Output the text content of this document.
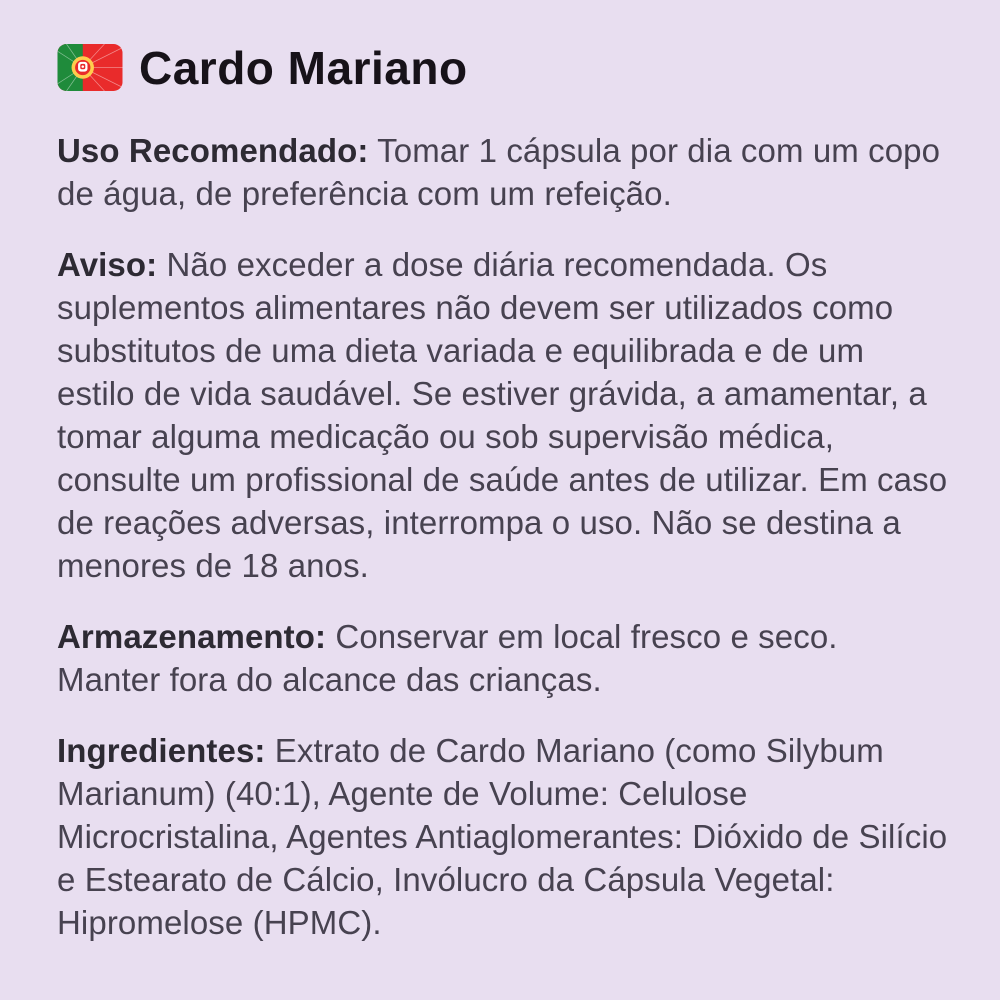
Cardo Mariano

Uso Recomendado: Tomar 1 cápsula por dia com um copo de água, de preferência com um refeição.

Aviso: Não exceder a dose diária recomendada. Os suplementos alimentares não devem ser utilizados como substitutos de uma dieta variada e equilibrada e de um estilo de vida saudável. Se estiver grávida, a amamentar, a tomar alguma medicação ou sob supervisão médica, consulte um profissional de saúde antes de utilizar. Em caso de reações adversas, interrompa o uso. Não se destina a menores de 18 anos.

Armazenamento: Conservar em local fresco e seco. Manter fora do alcance das crianças.

Ingredientes: Extrato de Cardo Mariano (como Silybum Marianum) (40:1), Agente de Volume: Celulose Microcristalina, Agentes Antiaglomerantes: Dióxido de Silício e Estearato de Cálcio, Invólucro da Cápsula Vegetal: Hipromelose (HPMC).
